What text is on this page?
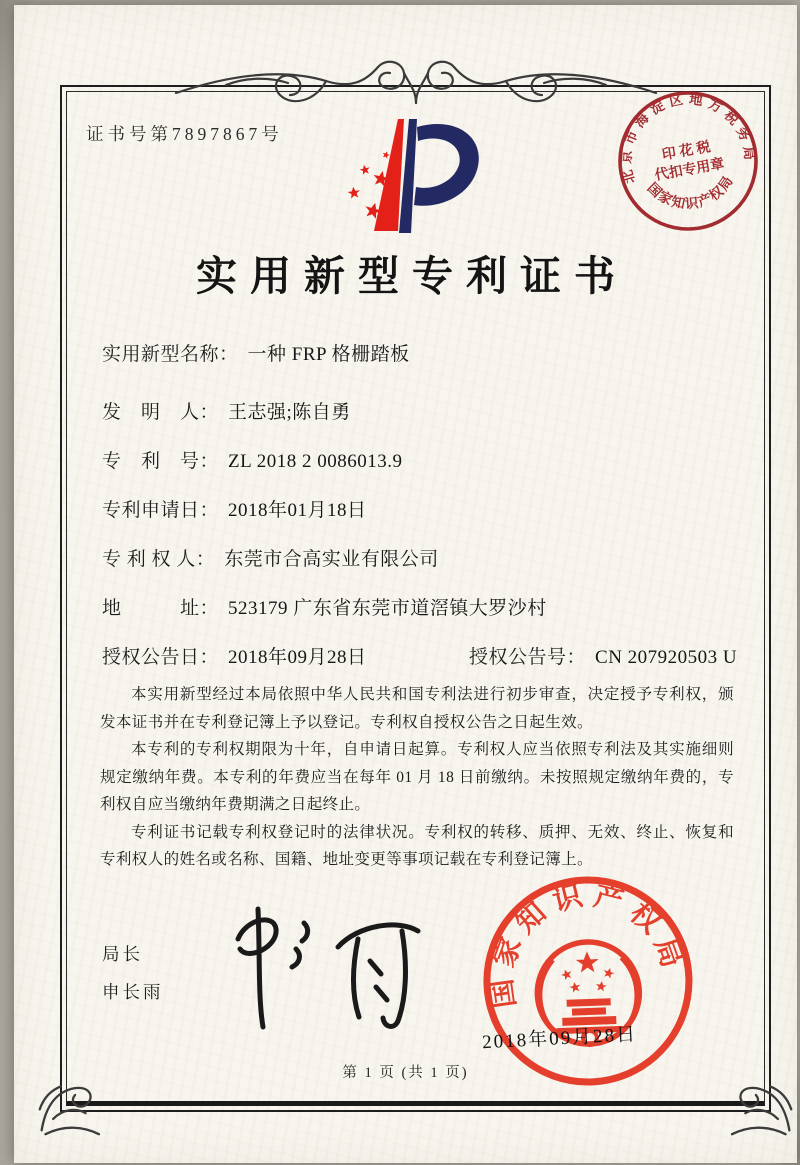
证书号第7897867号
北京市海淀区地方税务局
国家知识产权局
印 花 税
代扣专用章
实用新型专利证书
实用新型名称： 一种 FRP 格栅踏板
发　明　人： 王志强;陈自勇
专　利　号： ZL 2018 2 0086013.9
专利申请日： 2018年01月18日
专 利 权 人： 东莞市合高实业有限公司
地　　　址： 523179 广东省东莞市道滘镇大罗沙村
授权公告日： 2018年09月28日	授权公告号： CN 207920503 U

本实用新型经过本局依照中华人民共和国专利法进行初步审查，决定授予专利权，颁发本证书并在专利登记簿上予以登记。专利权自授权公告之日起生效。

本专利的专利权期限为十年，自申请日起算。专利权人应当依照专利法及其实施细则规定缴纳年费。本专利的年费应当在每年 01 月 18 日前缴纳。未按照规定缴纳年费的，专利权自应当缴纳年费期满之日起终止。

专利证书记载专利权登记时的法律状况。专利权的转移、质押、无效、终止、恢复和专利权人的姓名或名称、国籍、地址变更等事项记载在专利登记簿上。

局长
申长雨	国家知识产权局
2018年09月28日
第 1 页 (共 1 页)
